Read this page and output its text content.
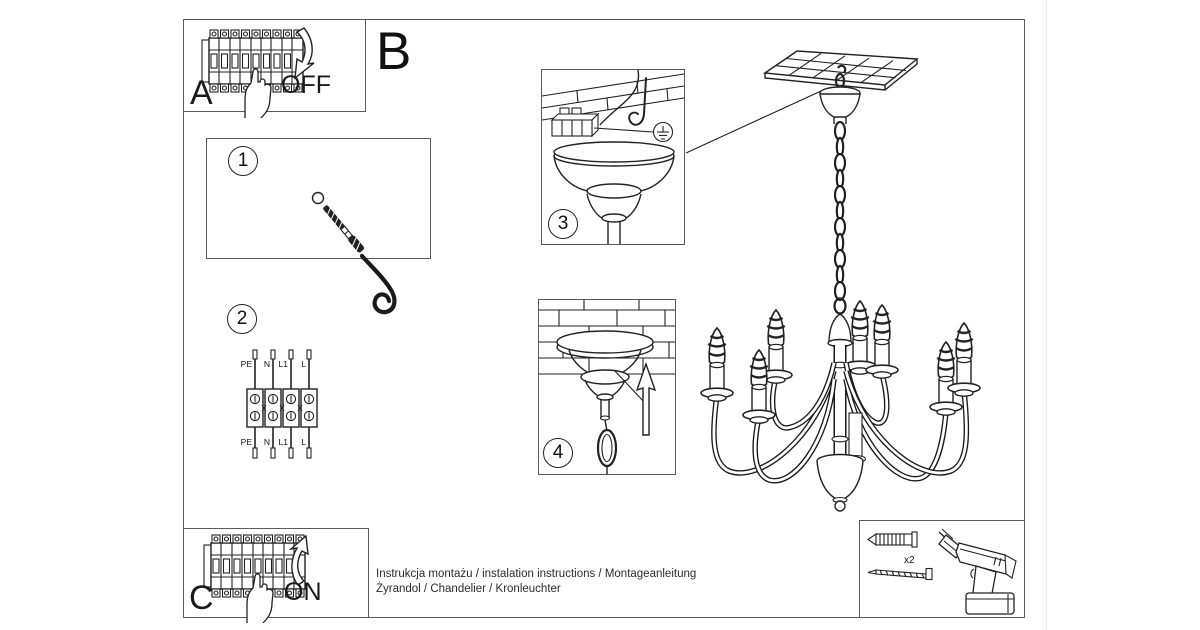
OFF
A
B
1
2
PE N L1 L
PE N L1 L
3
4
ON
C
x2
Instrukcja montażu / instalation instructions / Montageanleitung
Żyrandol / Chandelier / Kronleuchter
